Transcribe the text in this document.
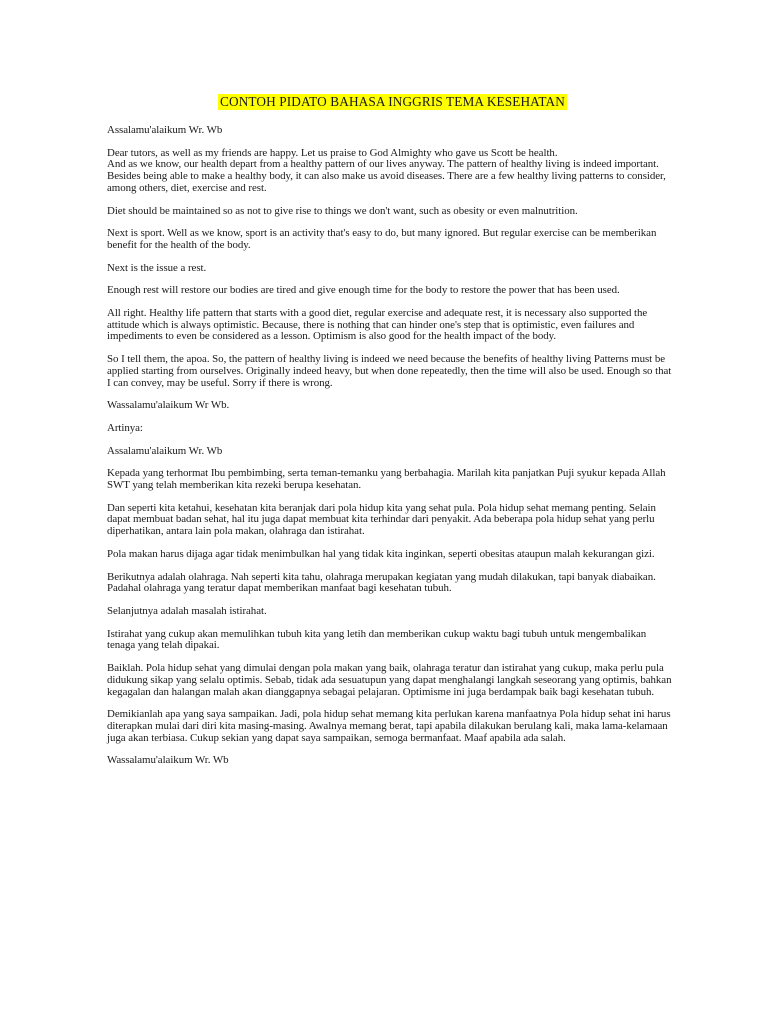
CONTOH PIDATO BAHASA INGGRIS TEMA KESEHATAN

Assalamu'alaikum Wr. Wb

Dear tutors, as well as my friends are happy. Let us praise to God Almighty who gave us Scott be health.

And as we know, our health depart from a healthy pattern of our lives anyway. The pattern of healthy living is indeed important. Besides being able to make a healthy body, it can also make us avoid diseases. There are a few healthy living patterns to consider, among others, diet, exercise and rest.

Diet should be maintained so as not to give rise to things we don't want, such as obesity or even malnutrition.

Next is sport. Well as we know, sport is an activity that's easy to do, but many ignored. But regular exercise can be memberikan benefit for the health of the body.

Next is the issue a rest.

Enough rest will restore our bodies are tired and give enough time for the body to restore the power that has been used.

All right. Healthy life pattern that starts with a good diet, regular exercise and adequate rest, it is necessary also supported the attitude which is always optimistic. Because, there is nothing that can hinder one's step that is optimistic, even failures and impediments to even be considered as a lesson. Optimism is also good for the health impact of the body.

So I tell them, the apoa. So, the pattern of healthy living is indeed we need because the benefits of healthy living Patterns must be applied starting from ourselves. Originally indeed heavy, but when done repeatedly, then the time will also be used. Enough so that I can convey, may be useful. Sorry if there is wrong.

Wassalamu'alaikum Wr Wb.

Artinya:

Assalamu'alaikum Wr. Wb

Kepada yang terhormat Ibu pembimbing, serta teman-temanku yang berbahagia. Marilah kita panjatkan Puji syukur kepada Allah SWT yang telah memberikan kita rezeki berupa kesehatan.

Dan seperti kita ketahui, kesehatan kita beranjak dari pola hidup kita yang sehat pula. Pola hidup sehat memang penting. Selain dapat membuat badan sehat, hal itu juga dapat membuat kita terhindar dari penyakit. Ada beberapa pola hidup sehat yang perlu diperhatikan, antara lain pola makan, olahraga dan istirahat.

Pola makan harus dijaga agar tidak menimbulkan hal yang tidak kita inginkan, seperti obesitas ataupun malah kekurangan gizi.

Berikutnya adalah olahraga. Nah seperti kita tahu, olahraga merupakan kegiatan yang mudah dilakukan, tapi banyak diabaikan. Padahal olahraga yang teratur dapat memberikan manfaat bagi kesehatan tubuh.

Selanjutnya adalah masalah istirahat.

Istirahat yang cukup akan memulihkan tubuh kita yang letih dan memberikan cukup waktu bagi tubuh untuk mengembalikan tenaga yang telah dipakai.

Baiklah. Pola hidup sehat yang dimulai dengan pola makan yang baik, olahraga teratur dan istirahat yang cukup, maka perlu pula didukung sikap yang selalu optimis. Sebab, tidak ada sesuatupun yang dapat menghalangi langkah seseorang yang optimis, bahkan kegagalan dan halangan malah akan dianggapnya sebagai pelajaran. Optimisme ini juga berdampak baik bagi kesehatan tubuh.

Demikianlah apa yang saya sampaikan. Jadi, pola hidup sehat memang kita perlukan karena manfaatnya Pola hidup sehat ini harus diterapkan mulai dari diri kita masing-masing. Awalnya memang berat, tapi apabila dilakukan berulang kali, maka lama-kelamaan juga akan terbiasa. Cukup sekian yang dapat saya sampaikan, semoga bermanfaat. Maaf apabila ada salah.

Wassalamu'alaikum Wr. Wb
